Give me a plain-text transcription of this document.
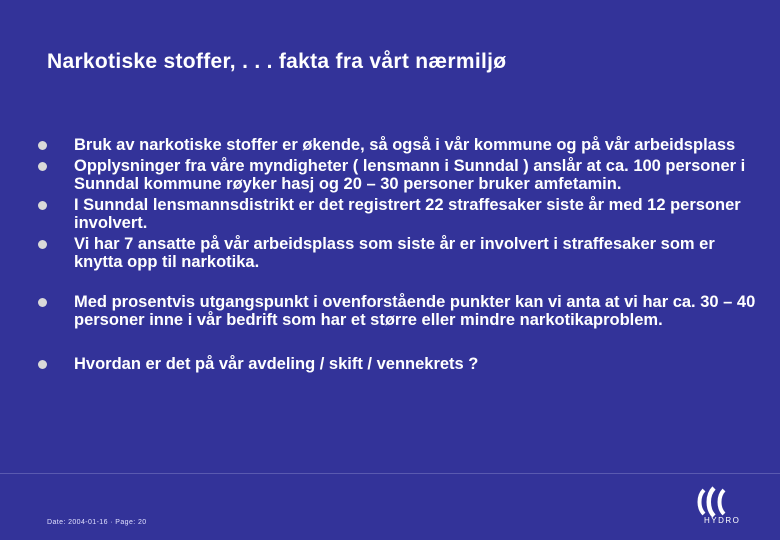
Narkotiske stoffer, . . . fakta fra vårt nærmiljø
Bruk av narkotiske stoffer er økende, så også i vår kommune og på vår arbeidsplass
Opplysninger fra våre myndigheter ( lensmann i Sunndal ) anslår at ca. 100 personer i Sunndal kommune røyker hasj og 20 – 30 personer bruker amfetamin.
I Sunndal lensmannsdistrikt er det registrert 22 straffesaker siste år med 12 personer involvert.
Vi har 7 ansatte på vår arbeidsplass som siste år er involvert i straffesaker som er knytta opp til narkotika.
Med prosentvis utgangspunkt i ovenforstående punkter kan vi anta at vi har ca. 30 – 40 personer inne i vår bedrift som har et større eller mindre narkotikaproblem.
Hvordan er det på vår avdeling / skift / vennekrets ?
Date: 2004-01-16 · Page: 20	HYDRO
